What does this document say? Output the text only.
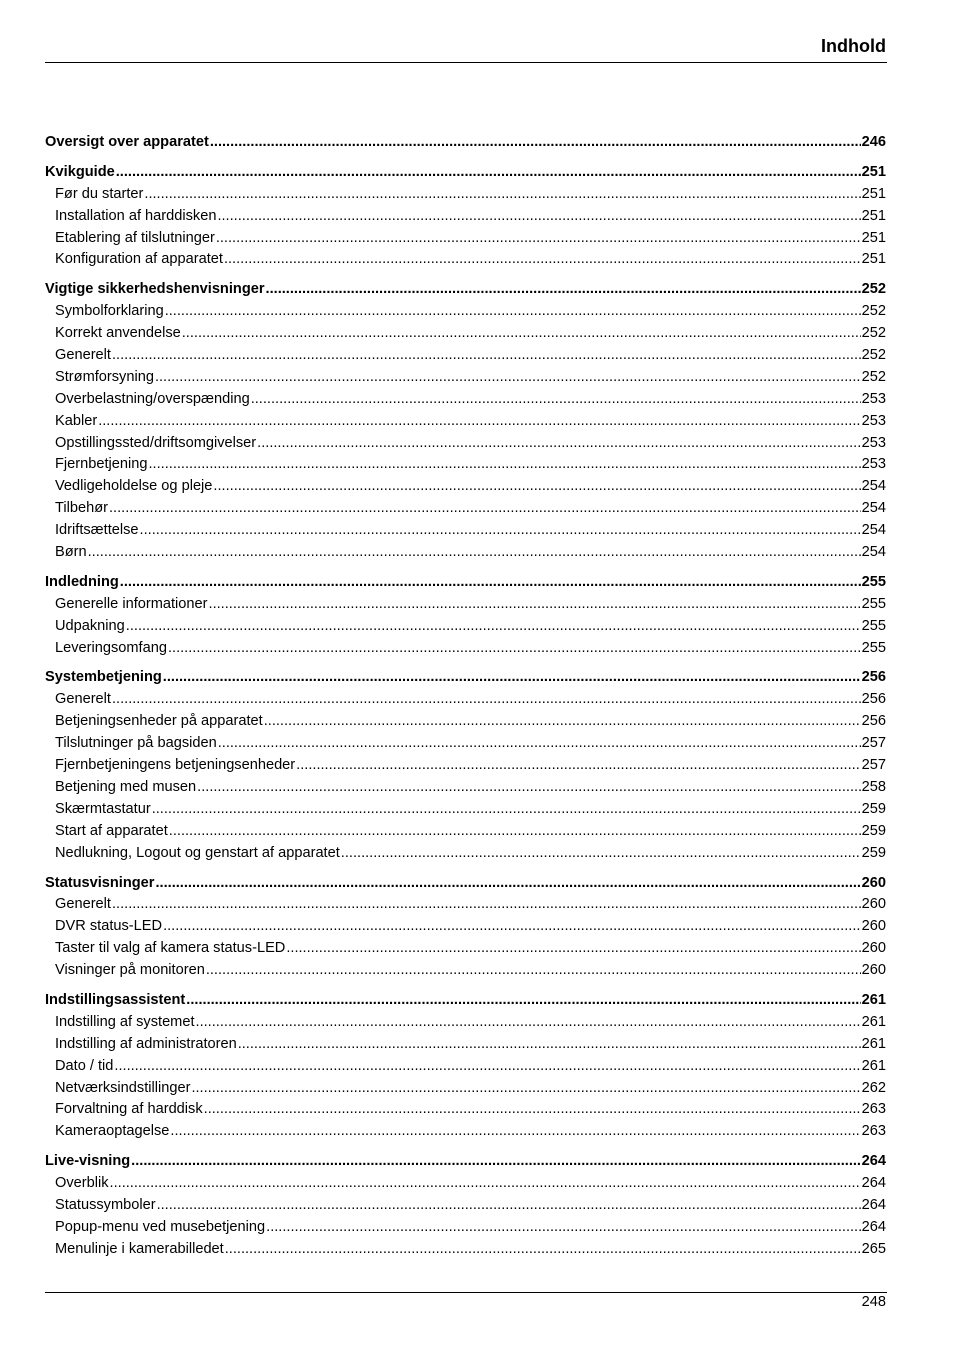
Indhold
Oversigt over apparatet .....	246
Kvikguide .....	251
Før du starter .....	251
Installation af harddisken .....	251
Etablering af tilslutninger .....	251
Konfiguration af apparatet .....	251
Vigtige sikkerhedshenvisninger .....	252
Symbolforklaring .....	252
Korrekt anvendelse .....	252
Generelt .....	252
Strømforsyning .....	252
Overbelastning/overspænding .....	253
Kabler .....	253
Opstillingssted/driftsomgivelser .....	253
Fjernbetjening .....	253
Vedligeholdelse og pleje .....	254
Tilbehør .....	254
Idriftsættelse .....	254
Børn .....	254
Indledning .....	255
Generelle informationer .....	255
Udpakning .....	255
Leveringsomfang .....	255
Systembetjening .....	256
Generelt .....	256
Betjeningsenheder på apparatet .....	256
Tilslutninger på bagsiden .....	257
Fjernbetjeningens betjeningsenheder .....	257
Betjening med musen .....	258
Skærmtastatur .....	259
Start af apparatet .....	259
Nedlukning, Logout og genstart af apparatet .....	259
Statusvisninger .....	260
Generelt .....	260
DVR status-LED .....	260
Taster til valg af kamera status-LED .....	260
Visninger på monitoren .....	260
Indstillingsassistent .....	261
Indstilling af systemet .....	261
Indstilling af administratoren .....	261
Dato / tid .....	261
Netværksindstillinger .....	262
Forvaltning af harddisk .....	263
Kameraoptagelse .....	263
Live-visning .....	264
Overblik .....	264
Statussymboler .....	264
Popup-menu ved musebetjening .....	264
Menulinje i kamerabilledet .....	265
248
